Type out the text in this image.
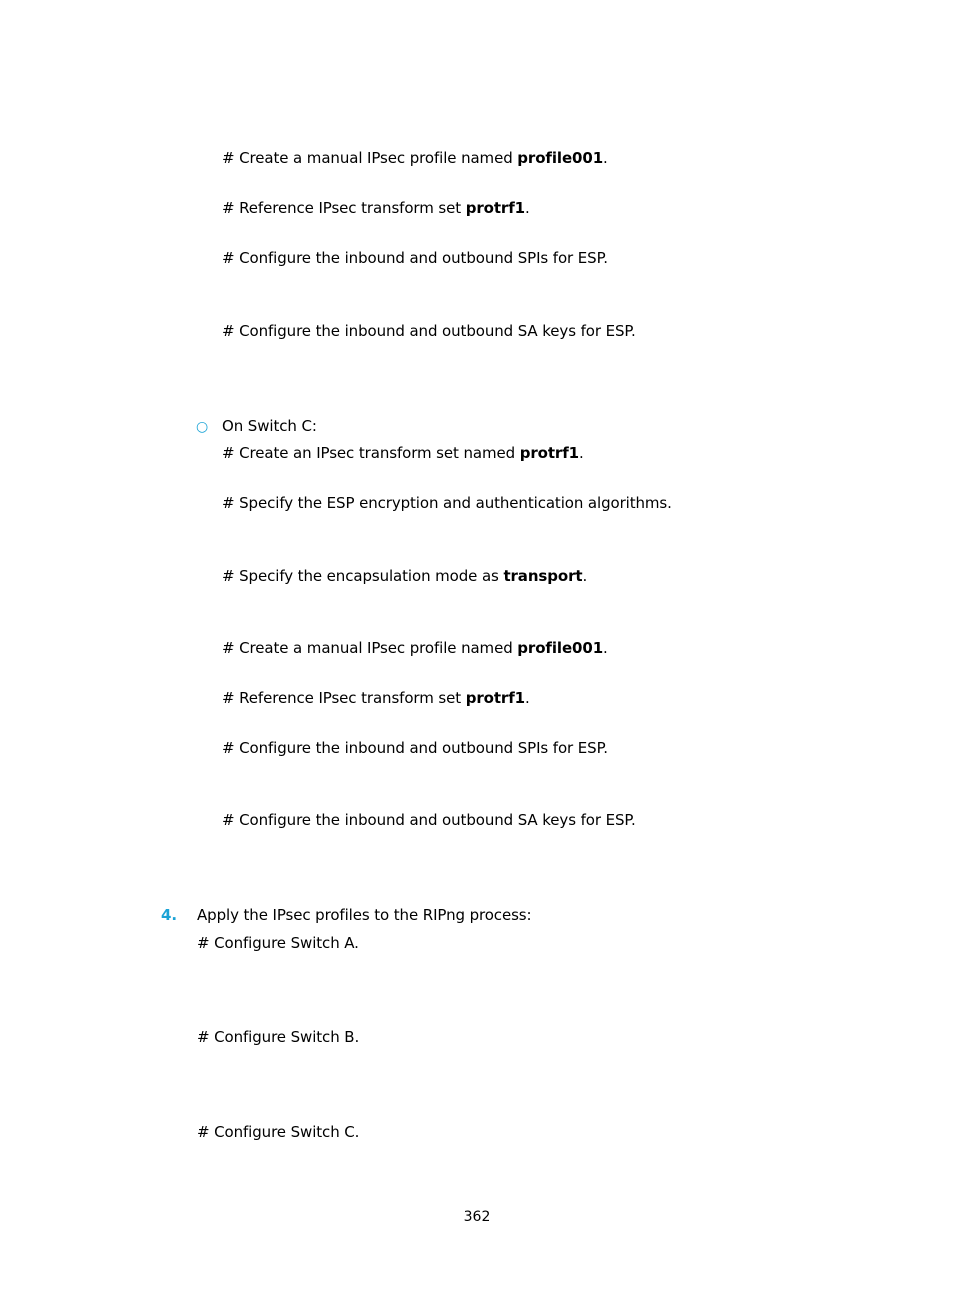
# Create a manual IPsec profile named profile001.
# Reference IPsec transform set protrf1.
# Configure the inbound and outbound SPIs for ESP.
# Configure the inbound and outbound SA keys for ESP.
○ On Switch C:
# Create an IPsec transform set named protrf1.
# Specify the ESP encryption and authentication algorithms.
# Specify the encapsulation mode as transport.
# Create a manual IPsec profile named profile001.
# Reference IPsec transform set protrf1.
# Configure the inbound and outbound SPIs for ESP.
# Configure the inbound and outbound SA keys for ESP.
4. Apply the IPsec profiles to the RIPng process:
# Configure Switch A.
# Configure Switch B.
# Configure Switch C.
362
